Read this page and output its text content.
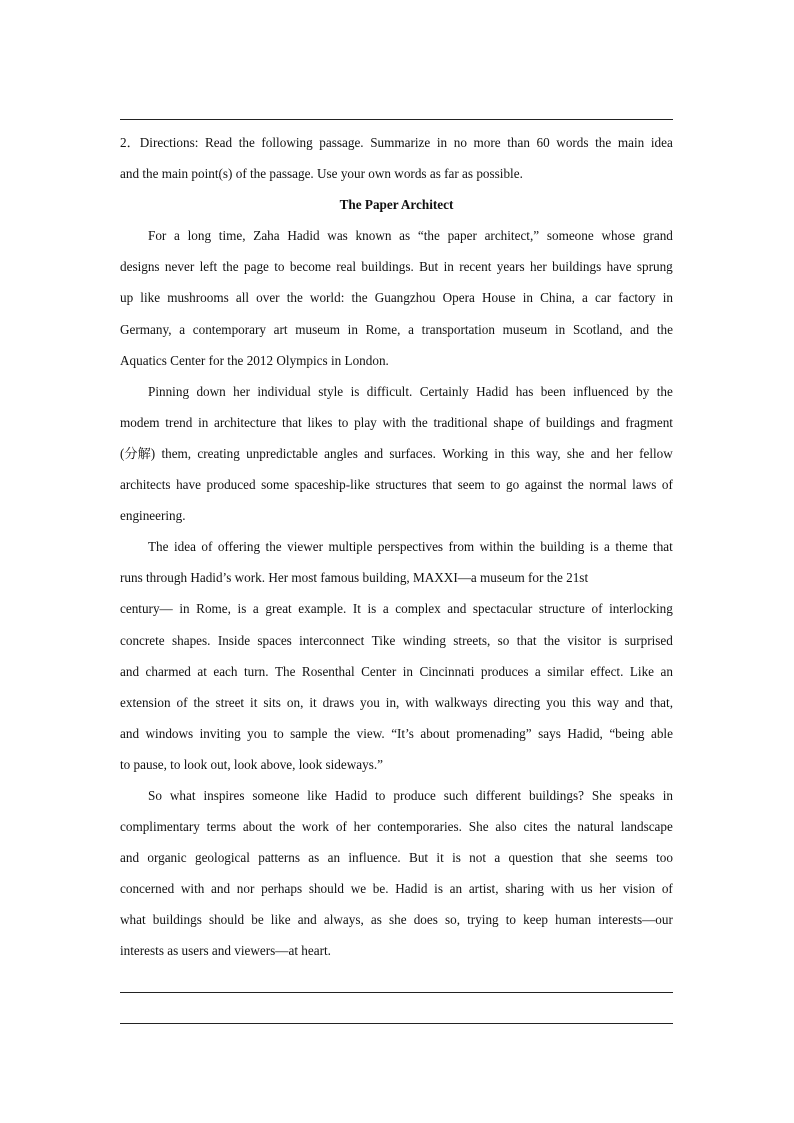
2．Directions: Read the following passage. Summarize in no more than 60 words the main idea
and the main point(s) of the passage. Use your own words as far as possible.
The Paper Architect
For a long time, Zaha Hadid was known as “the paper architect,” someone whose grand
designs never left the page to become real buildings. But in recent years her buildings have sprung
up like mushrooms all over the world: the Guangzhou Opera House in China, a car factory in
Germany, a contemporary art museum in Rome, a transportation museum in Scotland, and the
Aquatics Center for the 2012 Olympics in London.
Pinning down her individual style is difficult. Certainly Hadid has been influenced by the
modem trend in architecture that likes to play with the traditional shape of buildings and fragment
(分解) them, creating unpredictable angles and surfaces. Working in this way, she and her fellow
architects have produced some spaceship-like structures that seem to go against the normal laws of
engineering.
The idea of offering the viewer multiple perspectives from within the building is a theme that
runs through Hadid’s work. Her most famous building, MAXXI—a museum for the 21st
century— in Rome, is a great example. It is a complex and spectacular structure of interlocking
concrete shapes. Inside spaces interconnect Tike winding streets, so that the visitor is surprised
and charmed at each turn. The Rosenthal Center in Cincinnati produces a similar effect. Like an
extension of the street it sits on, it draws you in, with walkways directing you this way and that,
and windows inviting you to sample the view. “It’s about promenading” says Hadid, “being able
to pause, to look out, look above, look sideways.”
So what inspires someone like Hadid to produce such different buildings? She speaks in
complimentary terms about the work of her contemporaries. She also cites the natural landscape
and organic geological patterns as an influence. But it is not a question that she seems too
concerned with and nor perhaps should we be. Hadid is an artist, sharing with us her vision of
what buildings should be like and always, as she does so, trying to keep human interests—our
interests as users and viewers—at heart.
